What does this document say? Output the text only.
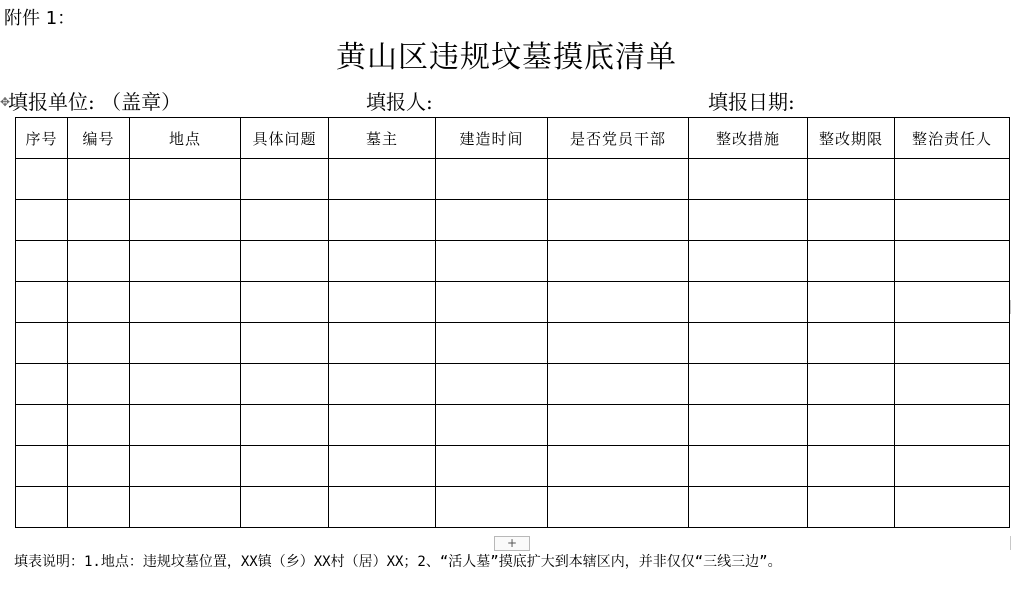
附件 1：
黄山区违规坟墓摸底清单
✥
填报单位: （盖章）	填报人:	填报日期:
序号	编号	地点	具体问题	墓主	建造时间	是否党员干部	整改措施	整改期限	整治责任人

+
填表说明：1.地点：违规坟墓位置，XX镇（乡）XX村（居）XX；2、“活人墓”摸底扩大到本辖区内，并非仅仅“三线三边”。
